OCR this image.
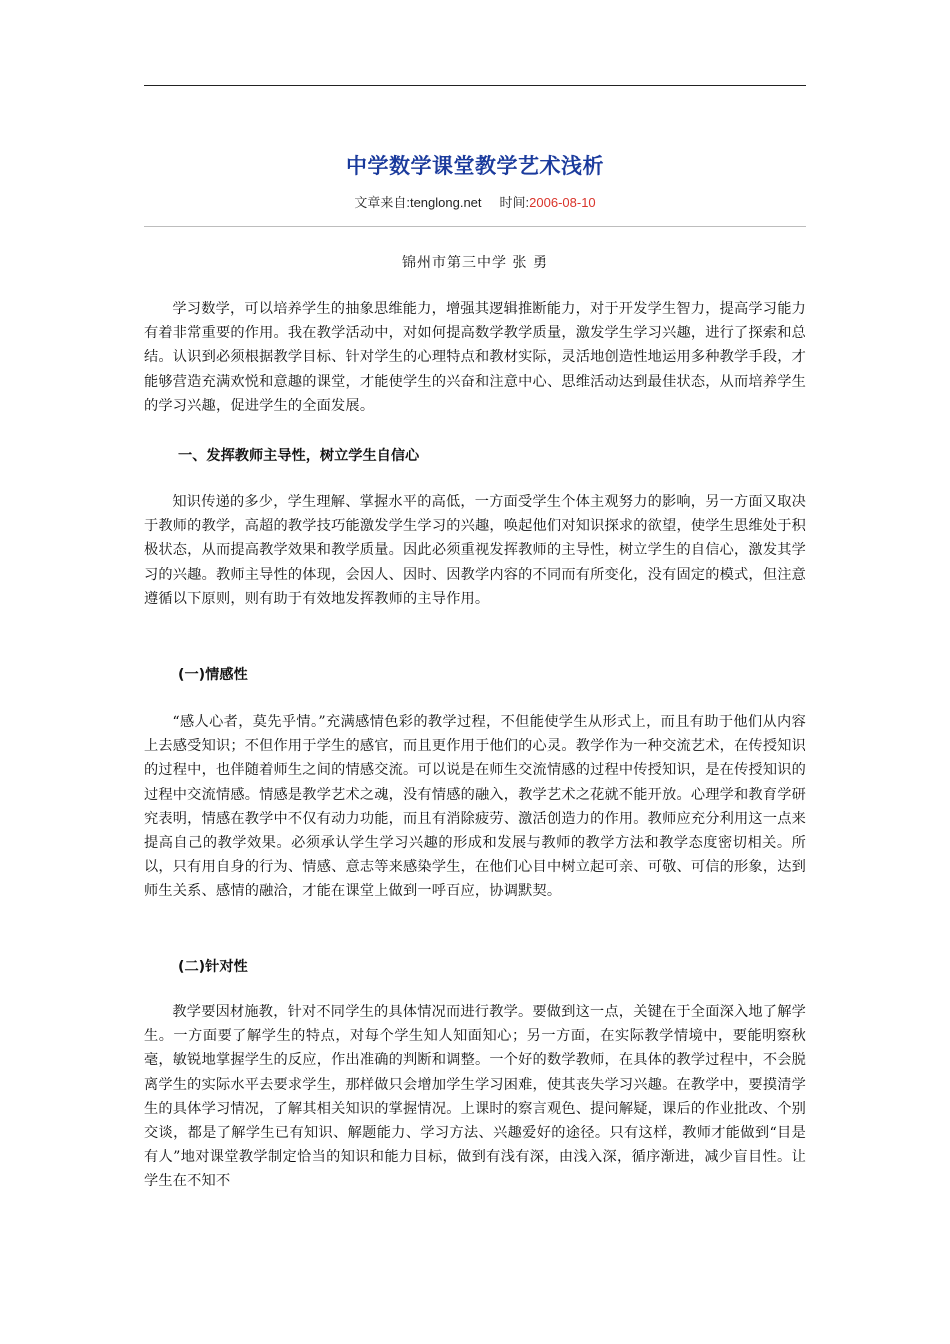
中学数学课堂教学艺术浅析
文章来自:tenglong.net 时间:2006-08-10
锦州市第三中学 张 勇

学习数学，可以培养学生的抽象思维能力，增强其逻辑推断能力，对于开发学生智力，提高学习能力有着非常重要的作用。我在教学活动中，对如何提高数学教学质量，激发学生学习兴趣，进行了探索和总结。认识到必须根据教学目标、针对学生的心理特点和教材实际，灵活地创造性地运用多种教学手段，才能够营造充满欢悦和意趣的课堂，才能使学生的兴奋和注意中心、思维活动达到最佳状态，从而培养学生的学习兴趣，促进学生的全面发展。

一、发挥教师主导性，树立学生自信心

知识传递的多少，学生理解、掌握水平的高低，一方面受学生个体主观努力的影响，另一方面又取决于教师的教学，高超的教学技巧能激发学生学习的兴趣，唤起他们对知识探求的欲望，使学生思维处于积极状态，从而提高教学效果和教学质量。因此必须重视发挥教师的主导性，树立学生的自信心，激发其学习的兴趣。教师主导性的体现，会因人、因时、因教学内容的不同而有所变化，没有固定的模式，但注意遵循以下原则，则有助于有效地发挥教师的主导作用。

(一)情感性

“感人心者，莫先乎情。”充满感情色彩的教学过程，不但能使学生从形式上，而且有助于他们从内容上去感受知识；不但作用于学生的感官，而且更作用于他们的心灵。教学作为一种交流艺术，在传授知识的过程中，也伴随着师生之间的情感交流。可以说是在师生交流情感的过程中传授知识，是在传授知识的过程中交流情感。情感是教学艺术之魂，没有情感的融入，教学艺术之花就不能开放。心理学和教育学研究表明，情感在教学中不仅有动力功能，而且有消除疲劳、激活创造力的作用。教师应充分利用这一点来提高自己的教学效果。必须承认学生学习兴趣的形成和发展与教师的教学方法和教学态度密切相关。所以，只有用自身的行为、情感、意志等来感染学生，在他们心目中树立起可亲、可敬、可信的形象，达到师生关系、感情的融洽，才能在课堂上做到一呼百应，协调默契。

(二)针对性

教学要因材施教，针对不同学生的具体情况而进行教学。要做到这一点，关键在于全面深入地了解学生。一方面要了解学生的特点，对每个学生知人知面知心；另一方面，在实际教学情境中，要能明察秋毫，敏锐地掌握学生的反应，作出准确的判断和调整。一个好的数学教师，在具体的教学过程中，不会脱离学生的实际水平去要求学生，那样做只会增加学生学习困难，使其丧失学习兴趣。在教学中，要摸清学生的具体学习情况，了解其相关知识的掌握情况。上课时的察言观色、提问解疑，课后的作业批改、个别交谈，都是了解学生已有知识、解题能力、学习方法、兴趣爱好的途径。只有这样，教师才能做到“目是有人”地对课堂教学制定恰当的知识和能力目标，做到有浅有深，由浅入深，循序渐进，减少盲目性。让学生在不知不
